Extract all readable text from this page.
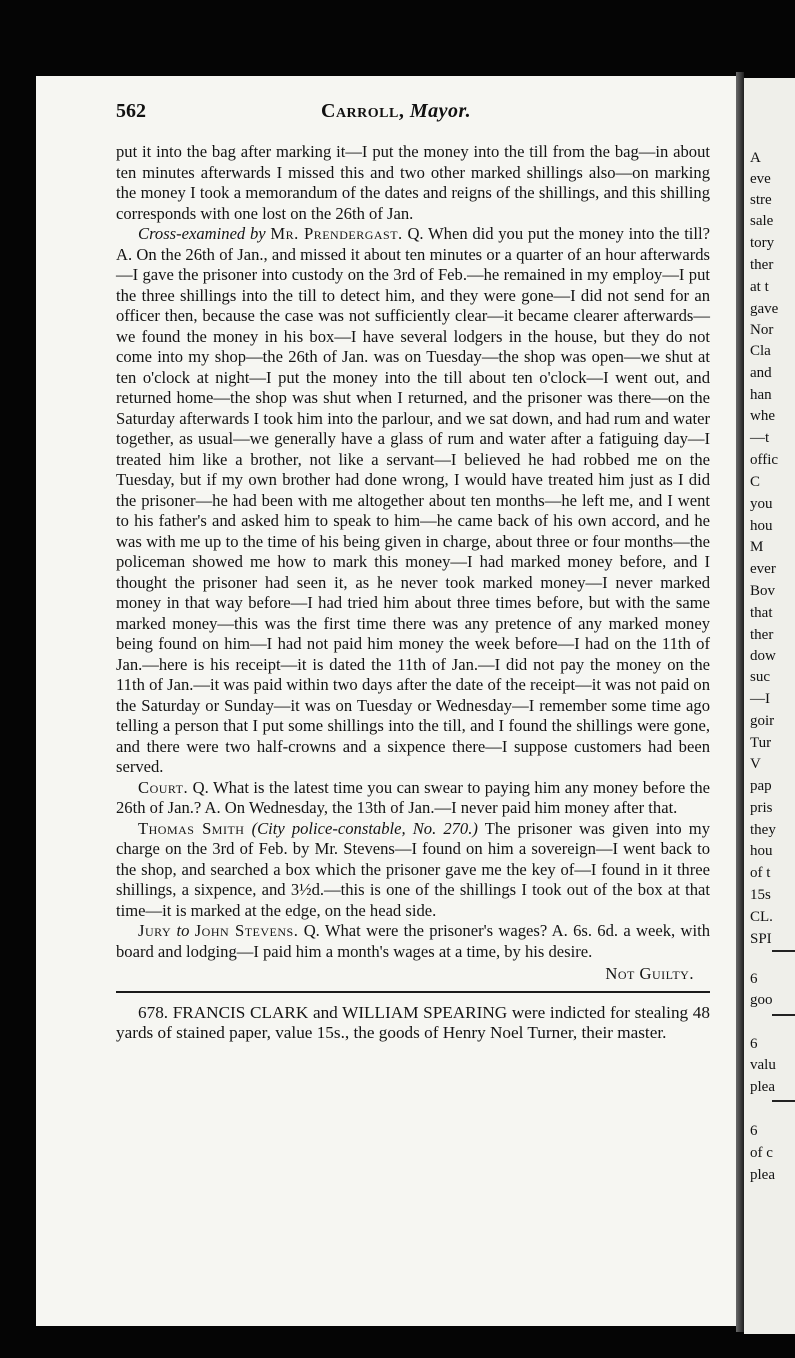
A
eve
stre
sale
tory
ther
at t
gave
Nor
Cla
and
han
whe
—t
offic
C
you
hou
M
ever
Bov
that
ther
dow
suc
—I
goir
Tur
V
pap
pris
they
hou
of t
15s
CL.
SPI
6
goo
6
valu
plea
6
of c
plea
562	Carroll, Mayor.

put it into the bag after marking it—I put the money into the till from the bag—in about ten minutes afterwards I missed this and two other marked shillings also—on marking the money I took a memorandum of the dates and reigns of the shillings, and this shilling corresponds with one lost on the 26th of Jan.

Cross-examined by Mr. Prendergast. Q. When did you put the money into the till? A. On the 26th of Jan., and missed it about ten minutes or a quarter of an hour afterwards—I gave the prisoner into custody on the 3rd of Feb.—he remained in my employ—I put the three shillings into the till to detect him, and they were gone—I did not send for an officer then, because the case was not sufficiently clear—it became clearer afterwards—we found the money in his box—I have several lodgers in the house, but they do not come into my shop—the 26th of Jan. was on Tuesday—the shop was open—we shut at ten o'clock at night—I put the money into the till about ten o'clock—I went out, and returned home—the shop was shut when I returned, and the prisoner was there—on the Saturday afterwards I took him into the parlour, and we sat down, and had rum and water together, as usual—we generally have a glass of rum and water after a fatiguing day—I treated him like a brother, not like a servant—I believed he had robbed me on the Tuesday, but if my own brother had done wrong, I would have treated him just as I did the prisoner—he had been with me altogether about ten months—he left me, and I went to his father's and asked him to speak to him—he came back of his own accord, and he was with me up to the time of his being given in charge, about three or four months—the policeman showed me how to mark this money—I had marked money before, and I thought the prisoner had seen it, as he never took marked money—I never marked money in that way before—I had tried him about three times before, but with the same marked money—this was the first time there was any pretence of any marked money being found on him—I had not paid him money the week before—I had on the 11th of Jan.—here is his receipt—it is dated the 11th of Jan.—I did not pay the money on the 11th of Jan.—it was paid within two days after the date of the receipt—it was not paid on the Saturday or Sunday—it was on Tuesday or Wednesday—I remember some time ago telling a person that I put some shillings into the till, and I found the shillings were gone, and there were two half-crowns and a sixpence there—I suppose customers had been served.

Court. Q. What is the latest time you can swear to paying him any money before the 26th of Jan.? A. On Wednesday, the 13th of Jan.—I never paid him money after that.

Thomas Smith (City police-constable, No. 270.) The prisoner was given into my charge on the 3rd of Feb. by Mr. Stevens—I found on him a sovereign—I went back to the shop, and searched a box which the prisoner gave me the key of—I found in it three shillings, a sixpence, and 3½d.—this is one of the shillings I took out of the box at that time—it is marked at the edge, on the head side.

Jury to John Stevens. Q. What were the prisoner's wages? A. 6s. 6d. a week, with board and lodging—I paid him a month's wages at a time, by his desire.

Not Guilty.

678. FRANCIS CLARK and WILLIAM SPEARING were indicted for stealing 48 yards of stained paper, value 15s., the goods of Henry Noel Turner, their master.
